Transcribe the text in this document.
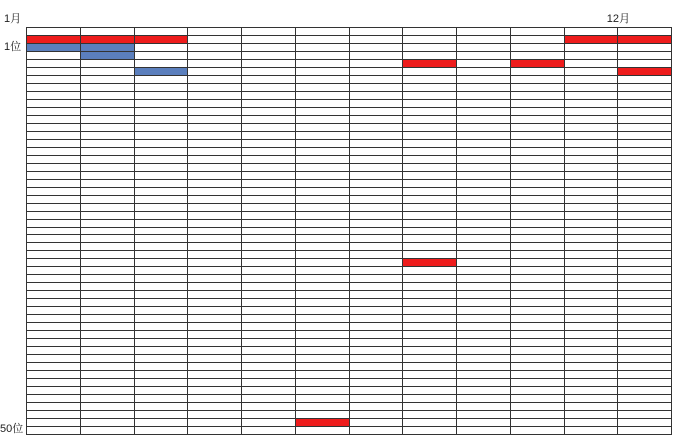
1月	12月
1位
50位
